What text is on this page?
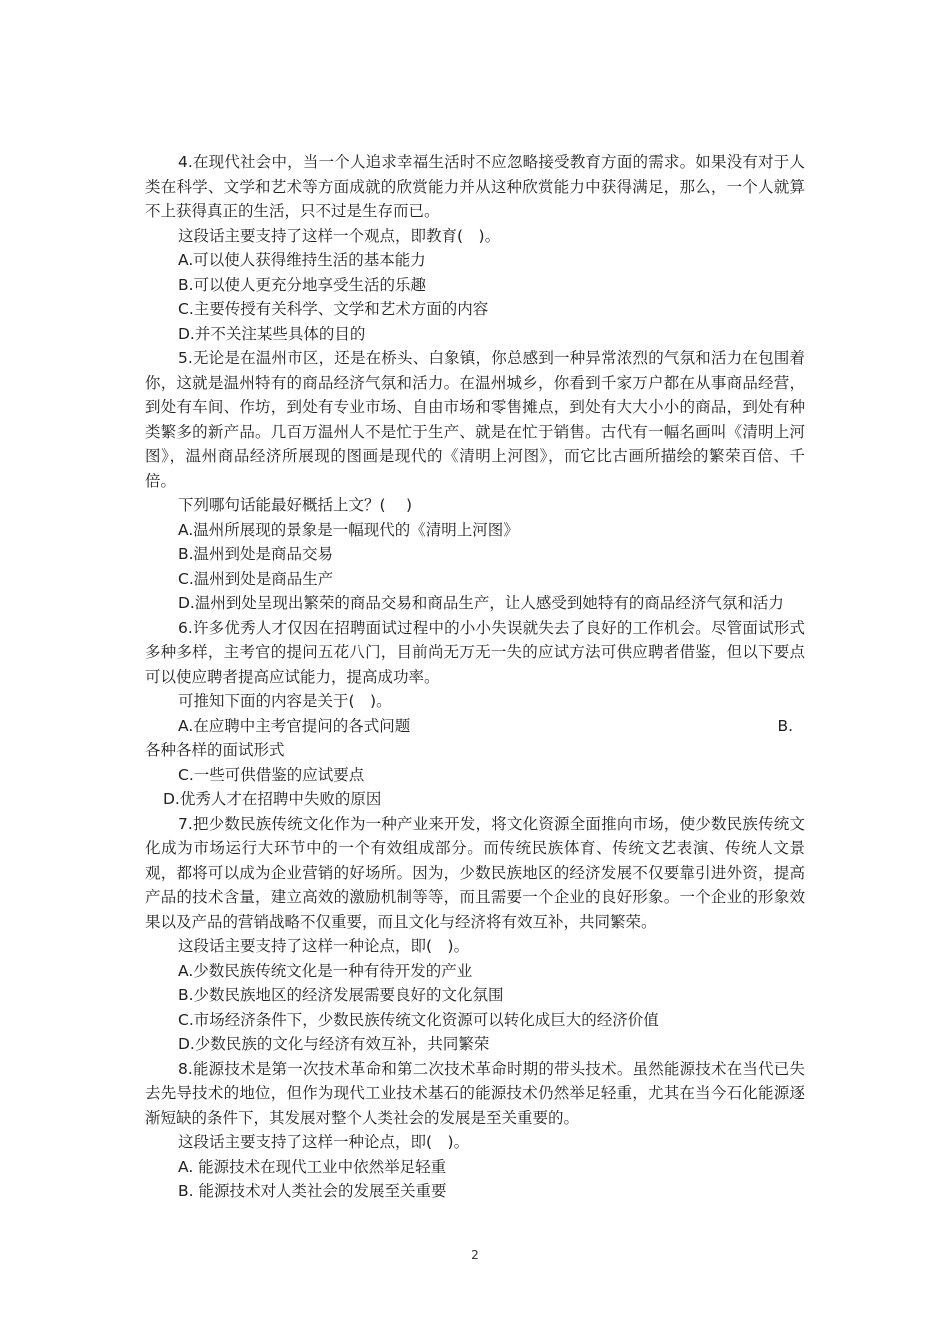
4.在现代社会中，当一个人追求幸福生活时不应忽略接受教育方面的需求。如果没有对于人类在科学、文学和艺术等方面成就的欣赏能力并从这种欣赏能力中获得满足，那么，一个人就算不上获得真正的生活，只不过是生存而已。

这段话主要支持了这样一个观点，即教育(　)。

A.可以使人获得维持生活的基本能力

B.可以使人更充分地享受生活的乐趣

C.主要传授有关科学、文学和艺术方面的内容

D.并不关注某些具体的目的

5.无论是在温州市区，还是在桥头、白象镇，你总感到一种异常浓烈的气氛和活力在包围着你，这就是温州特有的商品经济气氛和活力。在温州城乡，你看到千家万户都在从事商品经营，到处有车间、作坊，到处有专业市场、自由市场和零售摊点，到处有大大小小的商品，到处有种类繁多的新产品。几百万温州人不是忙于生产、就是在忙于销售。古代有一幅名画叫《清明上河图》，温州商品经济所展现的图画是现代的《清明上河图》，而它比古画所描绘的繁荣百倍、千倍。

下列哪句话能最好概括上文？(　 )

A.温州所展现的景象是一幅现代的《清明上河图》

B.温州到处是商品交易

C.温州到处是商品生产

D.温州到处呈现出繁荣的商品交易和商品生产，让人感受到她特有的商品经济气氛和活力

6.许多优秀人才仅因在招聘面试过程中的小小失误就失去了良好的工作机会。尽管面试形式多种多样，主考官的提问五花八门，目前尚无万无一失的应试方法可供应聘者借鉴，但以下要点可以使应聘者提高应试能力，提高成功率。

可推知下面的内容是关于(　)。

A.在应聘中主考官提问的各式问题	B.

各种各样的面试形式

C.一些可供借鉴的应试要点

D.优秀人才在招聘中失败的原因

7.把少数民族传统文化作为一种产业来开发，将文化资源全面推向市场，使少数民族传统文化成为市场运行大环节中的一个有效组成部分。而传统民族体育、传统文艺表演、传统人文景观，都将可以成为企业营销的好场所。因为，少数民族地区的经济发展不仅要靠引进外资，提高产品的技术含量，建立高效的激励机制等等，而且需要一个企业的良好形象。一个企业的形象效果以及产品的营销战略不仅重要，而且文化与经济将有效互补，共同繁荣。

这段话主要支持了这样一种论点，即(　)。

A.少数民族传统文化是一种有待开发的产业

B.少数民族地区的经济发展需要良好的文化氛围

C.市场经济条件下，少数民族传统文化资源可以转化成巨大的经济价值

D.少数民族的文化与经济有效互补，共同繁荣

8.能源技术是第一次技术革命和第二次技术革命时期的带头技术。虽然能源技术在当代已失去先导技术的地位，但作为现代工业技术基石的能源技术仍然举足轻重，尤其在当今石化能源逐渐短缺的条件下，其发展对整个人类社会的发展是至关重要的。

这段话主要支持了这样一种论点，即(　)。

A. 能源技术在现代工业中依然举足轻重

B. 能源技术对人类社会的发展至关重要

2
